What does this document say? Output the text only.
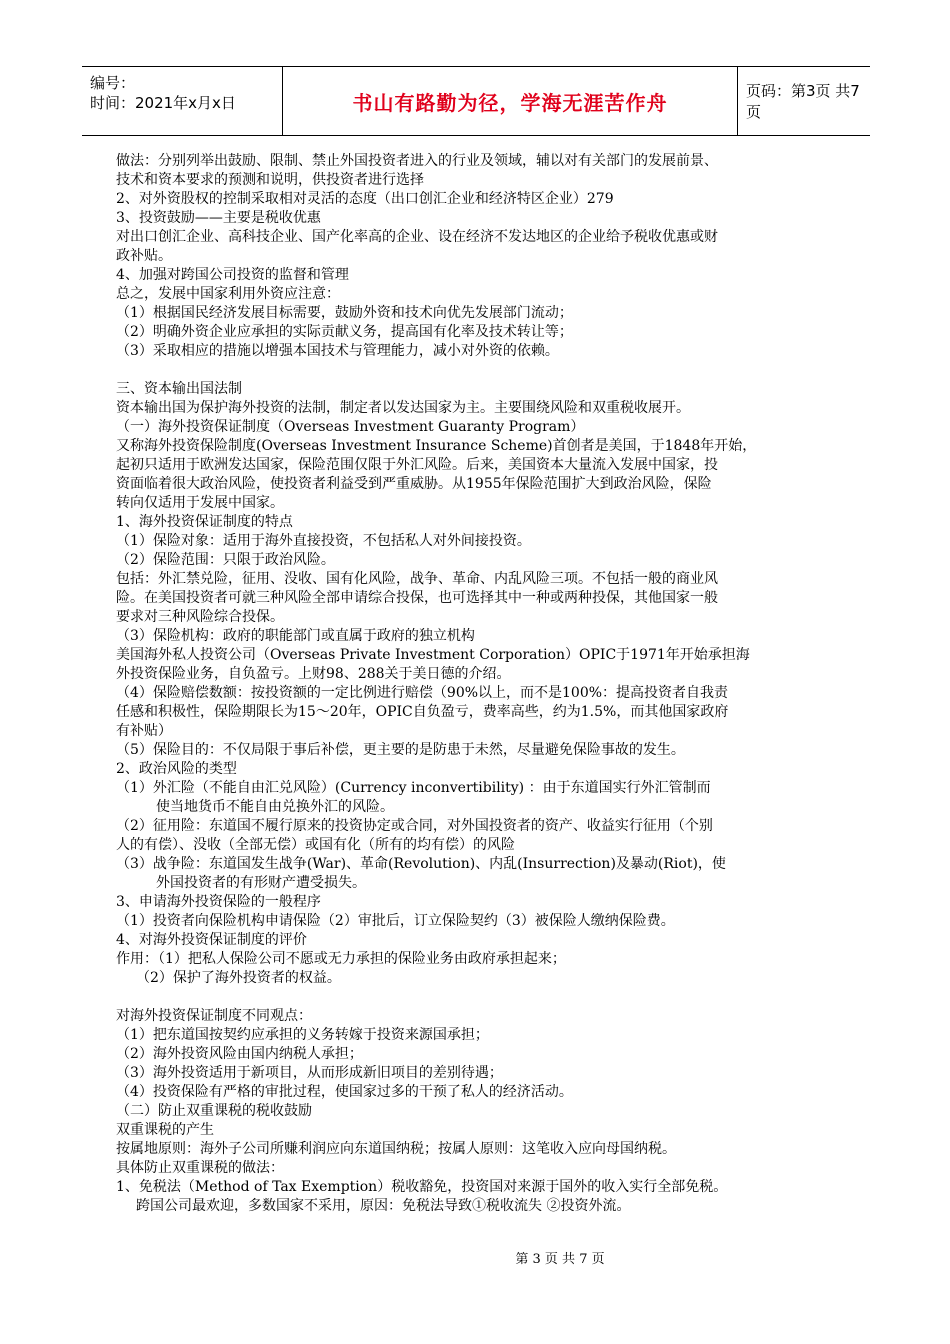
编号：
时间：2021年x月x日	书山有路勤为径，学海无涯苦作舟	页码：第3页 共7页
做法：分别列举出鼓励、限制、禁止外国投资者进入的行业及领域，辅以对有关部门的发展前景、
技术和资本要求的预测和说明，供投资者进行选择
2、对外资股权的控制采取相对灵活的态度（出口创汇企业和经济特区企业）279
3、投资鼓励——主要是税收优惠
对出口创汇企业、高科技企业、国产化率高的企业、设在经济不发达地区的企业给予税收优惠或财
政补贴。
4、加强对跨国公司投资的监督和管理
总之，发展中国家利用外资应注意：
（1）根据国民经济发展目标需要，鼓励外资和技术向优先发展部门流动；
（2）明确外资企业应承担的实际贡献义务，提高国有化率及技术转让等；
（3）采取相应的措施以增强本国技术与管理能力，减小对外资的依赖。
三、资本输出国法制
资本输出国为保护海外投资的法制，制定者以发达国家为主。主要围绕风险和双重税收展开。
（一）海外投资保证制度（Overseas Investment Guaranty Program）
又称海外投资保险制度(Overseas Investment Insurance Scheme)首创者是美国，于1848年开始，
起初只适用于欧洲发达国家，保险范围仅限于外汇风险。后来，美国资本大量流入发展中国家，投
资面临着很大政治风险，使投资者利益受到严重威胁。从1955年保险范围扩大到政治风险，保险
转向仅适用于发展中国家。
1、海外投资保证制度的特点
（1）保险对象：适用于海外直接投资，不包括私人对外间接投资。
（2）保险范围：只限于政治风险。
包括：外汇禁兑险，征用、没收、国有化风险，战争、革命、内乱风险三项。不包括一般的商业风
险。在美国投资者可就三种风险全部申请综合投保，也可选择其中一种或两种投保，其他国家一般
要求对三种风险综合投保。
（3）保险机构：政府的职能部门或直属于政府的独立机构
美国海外私人投资公司（Overseas Private Investment Corporation）OPIC于1971年开始承担海
外投资保险业务，自负盈亏。上财98、288关于美日德的介绍。
（4）保险赔偿数额：按投资额的一定比例进行赔偿（90%以上，而不是100%：提高投资者自我责
任感和积极性，保险期限长为15～20年，OPIC自负盈亏，费率高些，约为1.5%，而其他国家政府
有补贴）
（5）保险目的：不仅局限于事后补偿，更主要的是防患于未然，尽量避免保险事故的发生。
2、政治风险的类型
（1）外汇险（不能自由汇兑风险）(Currency inconvertibility) ：由于东道国实行外汇管制而
使当地货币不能自由兑换外汇的风险。
（2）征用险：东道国不履行原来的投资协定或合同，对外国投资者的资产、收益实行征用（个别
人的有偿）、没收（全部无偿）或国有化（所有的均有偿）的风险
（3）战争险：东道国发生战争(War)、革命(Revolution)、内乱(Insurrection)及暴动(Riot)，使
外国投资者的有形财产遭受损失。
3、申请海外投资保险的一般程序
（1）投资者向保险机构申请保险（2）审批后，订立保险契约（3）被保险人缴纳保险费。
4、对海外投资保证制度的评价
作用：（1）把私人保险公司不愿或无力承担的保险业务由政府承担起来；
（2）保护了海外投资者的权益。
对海外投资保证制度不同观点：
（1）把东道国按契约应承担的义务转嫁于投资来源国承担；
（2）海外投资风险由国内纳税人承担；
（3）海外投资适用于新项目，从而形成新旧项目的差别待遇；
（4）投资保险有严格的审批过程，使国家过多的干预了私人的经济活动。
（二）防止双重课税的税收鼓励
双重课税的产生
按属地原则：海外子公司所赚利润应向东道国纳税；按属人原则：这笔收入应向母国纳税。
具体防止双重课税的做法：
1、免税法（Method of Tax Exemption）税收豁免，投资国对来源于国外的收入实行全部免税。
跨国公司最欢迎，多数国家不采用，原因：免税法导致①税收流失 ②投资外流。
第 3 页 共 7 页
